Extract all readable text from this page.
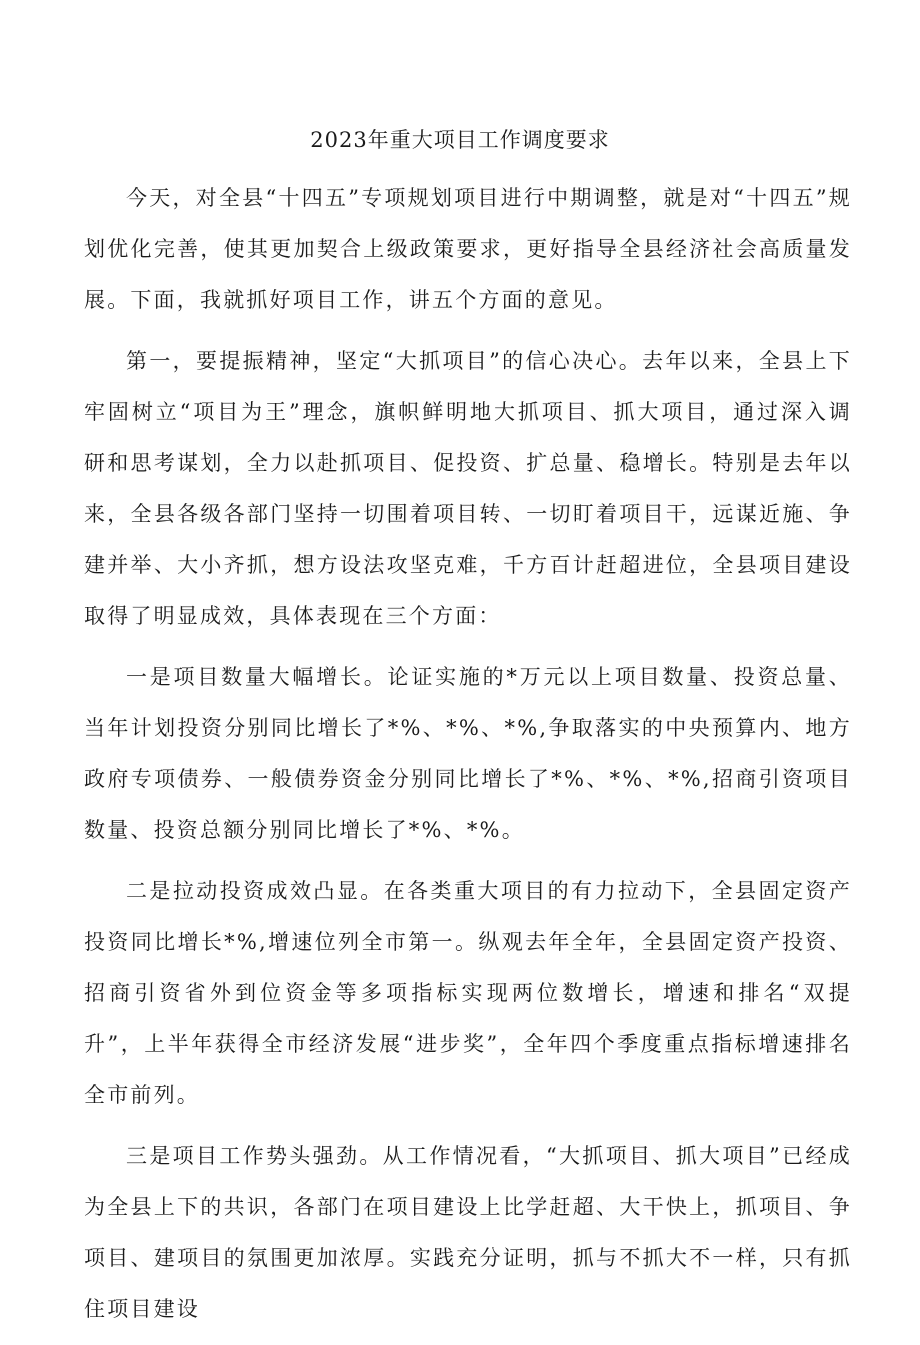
2023年重大项目工作调度要求

今天，对全县“十四五”专项规划项目进行中期调整，就是对“十四五”规划优化完善，使其更加契合上级政策要求，更好指导全县经济社会高质量发展。下面，我就抓好项目工作，讲五个方面的意见。

第一，要提振精神，坚定“大抓项目”的信心决心。去年以来，全县上下牢固树立“项目为王”理念，旗帜鲜明地大抓项目、抓大项目，通过深入调研和思考谋划，全力以赴抓项目、促投资、扩总量、稳增长。特别是去年以来，全县各级各部门坚持一切围着项目转、一切盯着项目干，远谋近施、争建并举、大小齐抓，想方设法攻坚克难，千方百计赶超进位，全县项目建设取得了明显成效，具体表现在三个方面：

一是项目数量大幅增长。论证实施的*万元以上项目数量、投资总量、当年计划投资分别同比增长了*%、*%、*%,争取落实的中央预算内、地方政府专项债券、一般债券资金分别同比增长了*%、*%、*%,招商引资项目数量、投资总额分别同比增长了*%、*%。

二是拉动投资成效凸显。在各类重大项目的有力拉动下，全县固定资产投资同比增长*%,增速位列全市第一。纵观去年全年，全县固定资产投资、招商引资省外到位资金等多项指标实现两位数增长，增速和排名“双提升”，上半年获得全市经济发展“进步奖”，全年四个季度重点指标增速排名全市前列。

三是项目工作势头强劲。从工作情况看，“大抓项目、抓大项目”已经成为全县上下的共识，各部门在项目建设上比学赶超、大干快上，抓项目、争项目、建项目的氛围更加浓厚。实践充分证明，抓与不抓大不一样，只有抓住项目建设
